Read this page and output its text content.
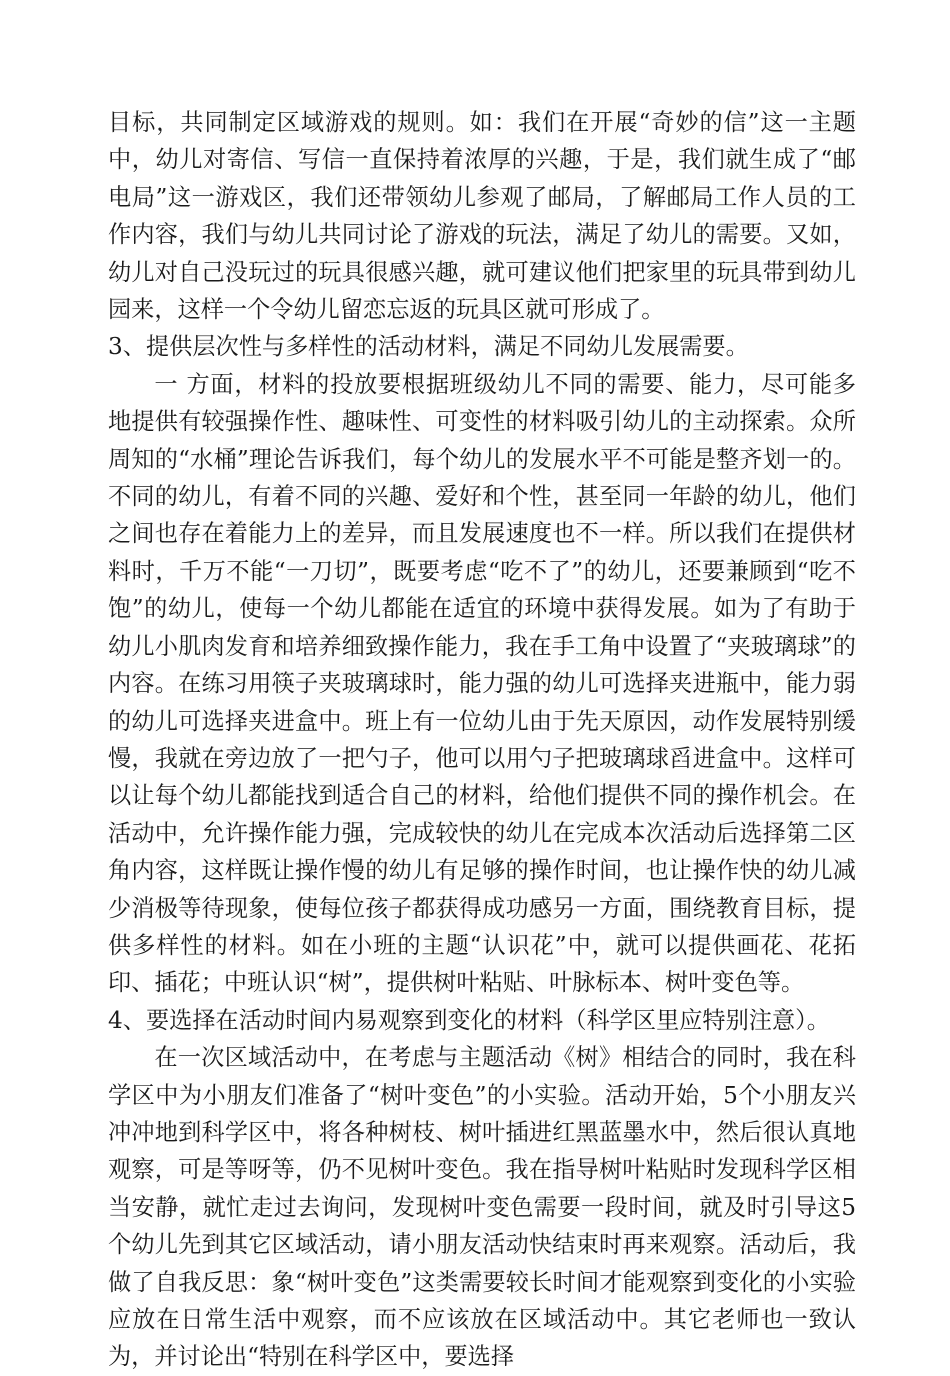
目标，共同制定区域游戏的规则。如：我们在开展“奇妙的信”这一主题中，幼儿对寄信、写信一直保持着浓厚的兴趣，于是，我们就生成了“邮电局”这一游戏区，我们还带领幼儿参观了邮局，了解邮局工作人员的工作内容，我们与幼儿共同讨论了游戏的玩法，满足了幼儿的需要。又如，幼儿对自己没玩过的玩具很感兴趣，就可建议他们把家里的玩具带到幼儿园来，这样一个令幼儿留恋忘返的玩具区就可形成了。

3、提供层次性与多样性的活动材料，满足不同幼儿发展需要。

一 方面，材料的投放要根据班级幼儿不同的需要、能力，尽可能多地提供有较强操作性、趣味性、可变性的材料吸引幼儿的主动探索。众所周知的“水桶”理论告诉我们，每个幼儿的发展水平不可能是整齐划一的。不同的幼儿，有着不同的兴趣、爱好和个性，甚至同一年龄的幼儿，他们之间也存在着能力上的差异，而且发展速度也不一样。所以我们在提供材料时，千万不能“一刀切”，既要考虑“吃不了”的幼儿，还要兼顾到“吃不饱”的幼儿，使每一个幼儿都能在适宜的环境中获得发展。如为了有助于幼儿小肌肉发育和培养细致操作能力，我在手工角中设置了“夹玻璃球”的内容。在练习用筷子夹玻璃球时，能力强的幼儿可选择夹进瓶中，能力弱的幼儿可选择夹进盒中。班上有一位幼儿由于先天原因，动作发展特别缓慢，我就在旁边放了一把勺子，他可以用勺子把玻璃球舀进盒中。这样可以让每个幼儿都能找到适合自己的材料，给他们提供不同的操作机会。在活动中，允许操作能力强，完成较快的幼儿在完成本次活动后选择第二区角内容，这样既让操作慢的幼儿有足够的操作时间，也让操作快的幼儿减少消极等待现象，使每位孩子都获得成功感另一方面，围绕教育目标，提供多样性的材料。如在小班的主题“认识花”中，就可以提供画花、花拓印、插花；中班认识“树”，提供树叶粘贴、叶脉标本、树叶变色等。

4、要选择在活动时间内易观察到变化的材料（科学区里应特别注意）。

在一次区域活动中，在考虑与主题活动《树》相结合的同时，我在科学区中为小朋友们准备了“树叶变色”的小实验。活动开始，5个小朋友兴冲冲地到科学区中，将各种树枝、树叶插进红黑蓝墨水中，然后很认真地观察，可是等呀等，仍不见树叶变色。我在指导树叶粘贴时发现科学区相当安静，就忙走过去询问，发现树叶变色需要一段时间，就及时引导这5个幼儿先到其它区域活动，请小朋友活动快结束时再来观察。活动后，我做了自我反思：象“树叶变色”这类需要较长时间才能观察到变化的小实验应放在日常生活中观察，而不应该放在区域活动中。其它老师也一致认为，并讨论出“特别在科学区中，要选择
